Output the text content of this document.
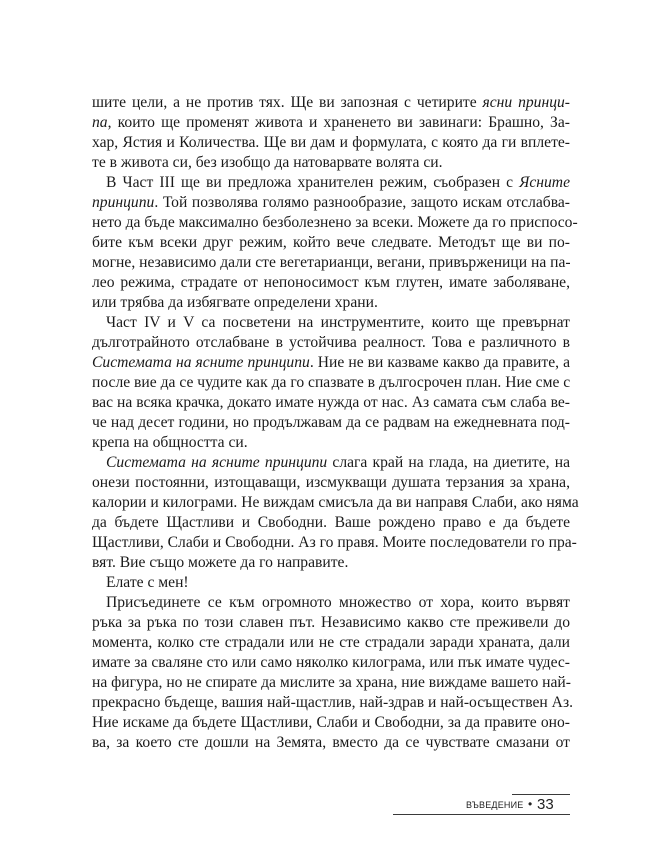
шите цели, а не против тях. Ще ви запозная с четирите ясни принци-
па, които ще променят живота и храненето ви завинаги: Брашно, За-
хар, Ястия и Количества. Ще ви дам и формулата, с която да ги вплете-
те в живота си, без изобщо да натоварвате волята си.
В Част III ще ви предложа хранителен режим, съобразен с Ясните
принципи. Той позволява голямо разнообразие, защото искам отслабва-
нето да бъде максимално безболезнено за всеки. Можете да го приспосо-
бите към всеки друг режим, който вече следвате. Методът ще ви по-
могне, независимо дали сте вегетарианци, вегани, привърженици на па-
лео режима, страдате от непоносимост към глутен, имате заболяване,
или трябва да избягвате определени храни.
Част IV и V са посветени на инструментите, които ще превърнат
дълготрайното отслабване в устойчива реалност. Това е различното в
Системата на ясните принципи. Ние не ви казваме какво да правите, а
после вие да се чудите как да го спазвате в дългосрочен план. Ние сме с
вас на всяка крачка, докато имате нужда от нас. Аз самата съм слаба ве-
че над десет години, но продължавам да се радвам на ежедневната под-
крепа на общността си.
Системата на ясните принципи слага край на глада, на диетите, на
онези постоянни, изтощаващи, изсмукващи душата терзания за храна,
калории и килограми. Не виждам смисъла да ви направя Слаби, ако няма
да бъдете Щастливи и Свободни. Ваше рождено право е да бъдете
Щастливи, Слаби и Свободни. Аз го правя. Моите последователи го пра-
вят. Вие също можете да го направите.
Елате с мен!
Присъединете се към огромното множество от хора, които вървят
ръка за ръка по този славен път. Независимо какво сте преживели до
момента, колко сте страдали или не сте страдали заради храната, дали
имате за сваляне сто или само няколко килограма, или пък имате чудес-
на фигура, но не спирате да мислите за храна, ние виждаме вашето най-
прекрасно бъдеще, вашия най-щастлив, най-здрав и най-осъществен Аз.
Ние искаме да бъдете Щастливи, Слаби и Свободни, за да правите оно-
ва, за което сте дошли на Земята, вместо да се чувствате смазани от
ВЪВЕДЕНИЕ • 33
